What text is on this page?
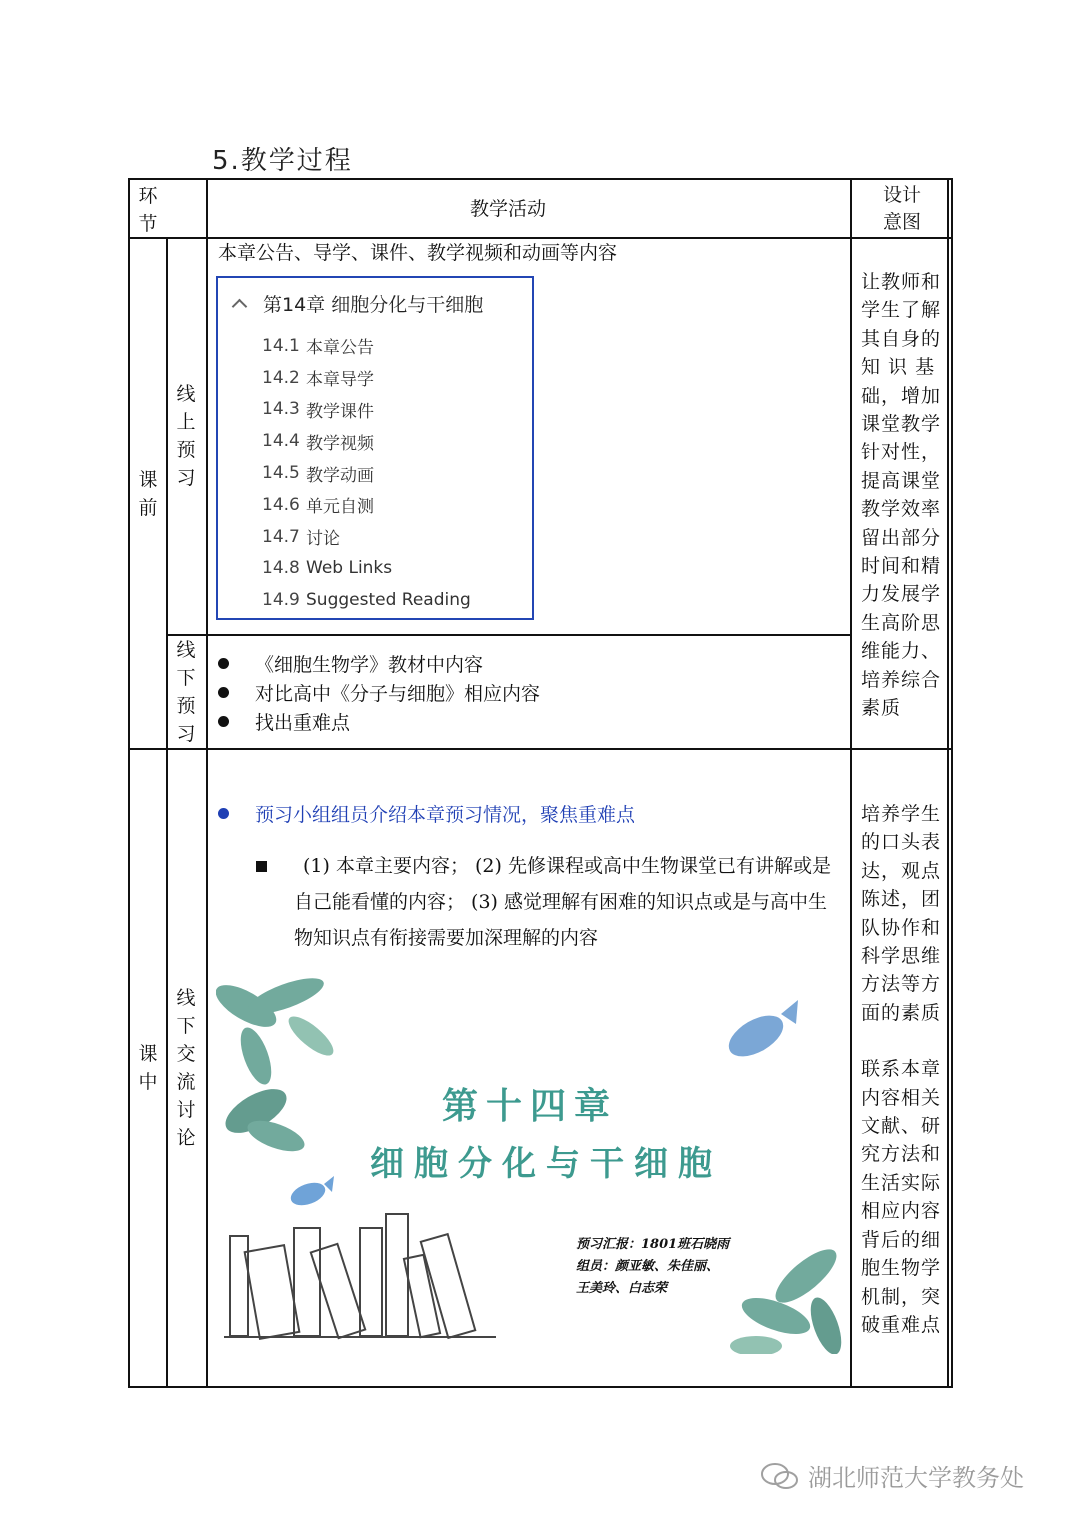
5.教学过程
环
节
教学活动
设计
意图
课
前
线
上
预
习
本章公告、导学、课件、教学视频和动画等内容
第14章 细胞分化与干细胞
14.1 本章公告
14.2 本章导学
14.3 教学课件
14.4 教学视频
14.5 教学动画
14.6 单元自测
14.7 讨论
14.8 Web Links
14.9 Suggested Reading
线
下
预
习
《细胞生物学》教材中内容
对比高中《分子与细胞》相应内容
找出重难点
让教师和
学生了解
其自身的
知 识 基
础，增加
课堂教学
针对性，
提高课堂
教学效率
留出部分
时间和精
力发展学
生高阶思
维能力、
培养综合
素质
课
中
线
下
交
流
讨
论
预习小组组员介绍本章预习情况，聚焦重难点
(1) 本章主要内容； (2) 先修课程或高中生物课堂已有讲解或是
自己能看懂的内容； (3) 感觉理解有困难的知识点或是与高中生
物知识点有衔接需要加深理解的内容
第十四章
细胞分化与干细胞
预习汇报：1801班石晓雨
组员：颜亚敏、朱佳丽、
王美玲、白志荣
培养学生
的口头表
达，观点
陈述，团
队协作和
科学思维
方法等方
面的素质
联系本章
内容相关
文献、研
究方法和
生活实际
相应内容
背后的细
胞生物学
机制，突
破重难点
湖北师范大学教务处
